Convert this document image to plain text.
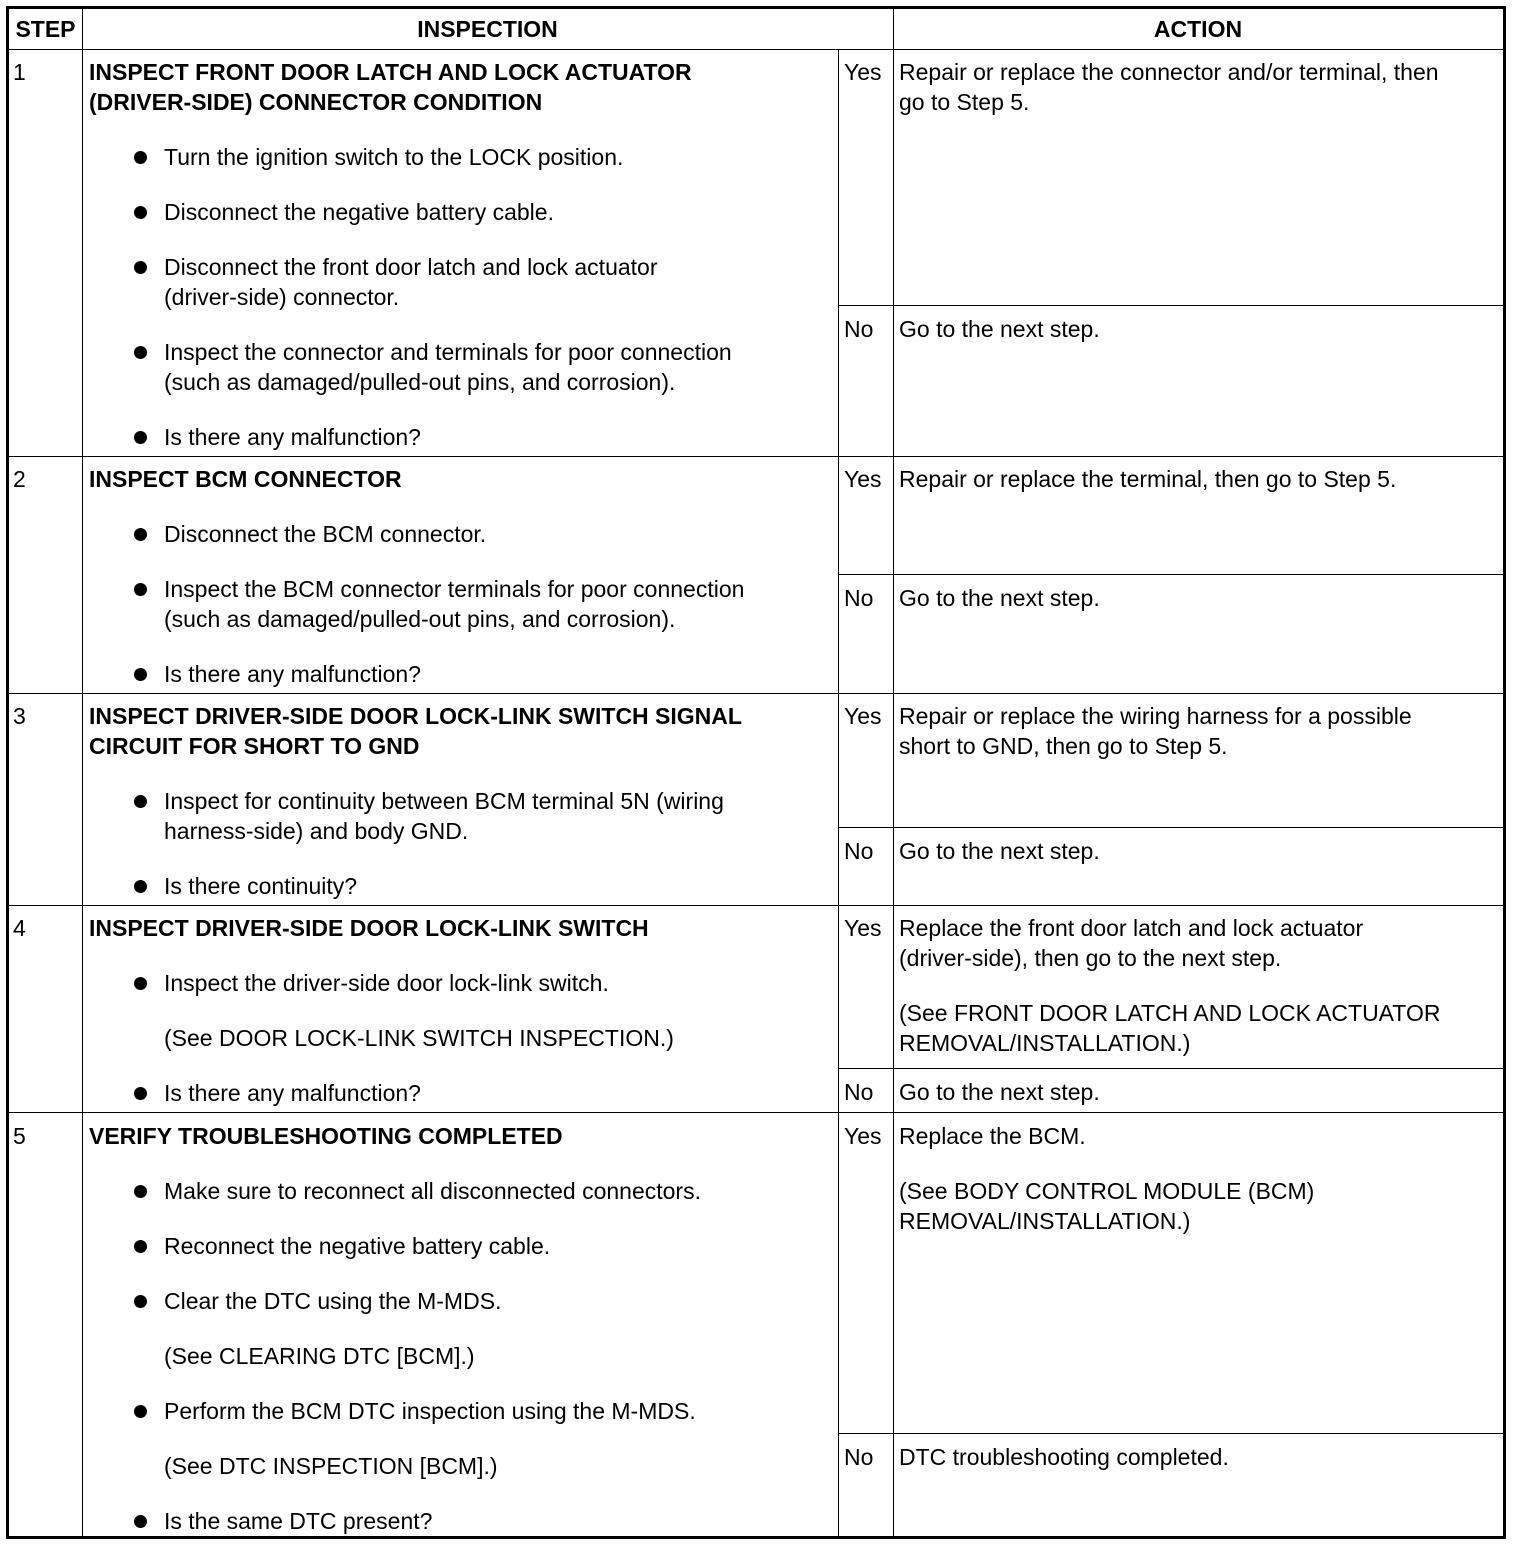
STEP	INSPECTION	ACTION
1	INSPECT FRONT DOOR LATCH AND LOCK ACTUATOR
(DRIVER-SIDE) CONNECTOR CONDITION
Turn the ignition switch to the LOCK position.
Disconnect the negative battery cable.
Disconnect the front door latch and lock actuator
(driver-side) connector.
Inspect the connector and terminals for poor connection
(such as damaged/pulled-out pins, and corrosion).
Is there any malfunction?
Yes Repair or replace the connector and/or terminal, then
go to Step 5.
No Go to the next step.
2	INSPECT BCM CONNECTOR
Disconnect the BCM connector.
Inspect the BCM connector terminals for poor connection
(such as damaged/pulled-out pins, and corrosion).
Is there any malfunction?
Yes Repair or replace the terminal, then go to Step 5.
No Go to the next step.
3	INSPECT DRIVER-SIDE DOOR LOCK-LINK SWITCH SIGNAL
CIRCUIT FOR SHORT TO GND
Inspect for continuity between BCM terminal 5N (wiring
harness-side) and body GND.
Is there continuity?
Yes Repair or replace the wiring harness for a possible
short to GND, then go to Step 5.
No Go to the next step.
4	INSPECT DRIVER-SIDE DOOR LOCK-LINK SWITCH
Inspect the driver-side door lock-link switch.
(See DOOR LOCK-LINK SWITCH INSPECTION.)
Is there any malfunction?
Yes Replace the front door latch and lock actuator
(driver-side), then go to the next step.
(See FRONT DOOR LATCH AND LOCK ACTUATOR
REMOVAL/INSTALLATION.)
No Go to the next step.
5	VERIFY TROUBLESHOOTING COMPLETED
Make sure to reconnect all disconnected connectors.
Reconnect the negative battery cable.
Clear the DTC using the M-MDS.
(See CLEARING DTC [BCM].)
Perform the BCM DTC inspection using the M-MDS.
(See DTC INSPECTION [BCM].)
Is the same DTC present?
Yes Replace the BCM.
(See BODY CONTROL MODULE (BCM)
REMOVAL/INSTALLATION.)
No DTC troubleshooting completed.
